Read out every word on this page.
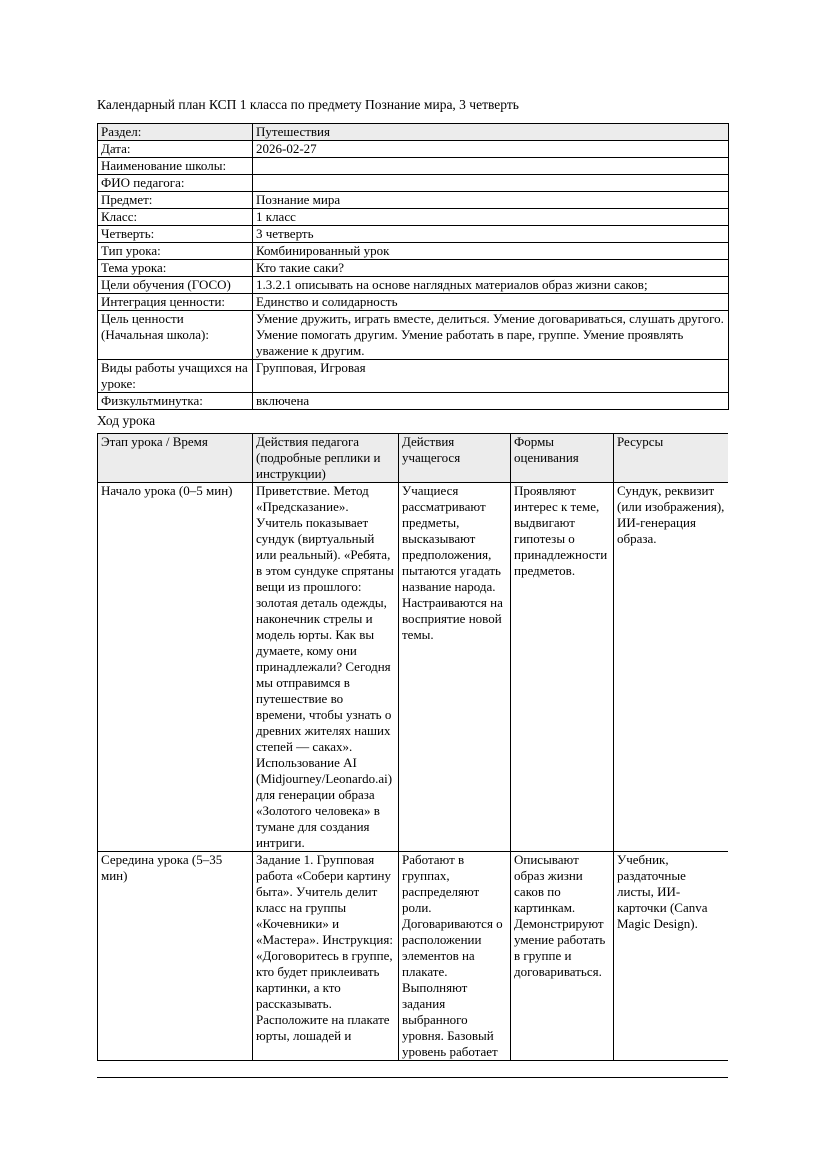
Календарный план КСП 1 класса по предмету Познание мира, 3 четверть

Раздел:	Путешествия
Дата:	2026-02-27
Наименование школы:	
ФИО педагога:	
Предмет:	Познание мира
Класс:	1 класс
Четверть:	3 четверть
Тип урока:	Комбинированный урок
Тема урока:	Кто такие саки?
Цели обучения (ГОСО)	1.3.2.1 описывать на основе наглядных материалов образ жизни саков;
Интеграция ценности:	Единство и солидарность
Цель ценности (Начальная школа):	Умение дружить, играть вместе, делиться. Умение договариваться, слушать другого. Умение помогать другим. Умение работать в паре, группе. Умение проявлять уважение к другим.
Виды работы учащихся на уроке:	Групповая, Игровая
Физкультминутка:	включена

Ход урока

Этап урока / Время	Действия педагога (подробные реплики и инструкции)	Действия учащегося	Формы оценивания	Ресурсы
Начало урока (0–5 мин)	Приветствие. Метод «Предсказание». Учитель показывает сундук (виртуальный или реальный). «Ребята, в этом сундуке спрятаны вещи из прошлого: золотая деталь одежды, наконечник стрелы и модель юрты. Как вы думаете, кому они принадлежали? Сегодня мы отправимся в путешествие во времени, чтобы узнать о древних жителях наших степей — саках». Использование AI (Midjourney/Leonardo.ai) для генерации образа «Золотого человека» в тумане для создания интриги.	Учащиеся рассматривают предметы, высказывают предположения, пытаются угадать название народа. Настраиваются на восприятие новой темы.	Проявляют интерес к теме, выдвигают гипотезы о принадлежности предметов.	Сундук, реквизит (или изображения), ИИ-генерация образа.
Середина урока (5–35 мин)	Задание 1. Групповая работа «Собери картину быта». Учитель делит класс на группы «Кочевники» и «Мастера». Инструкция: «Договоритесь в группе, кто будет приклеивать картинки, а кто рассказывать. Расположите на плакате юрты, лошадей и	Работают в группах, распределяют роли. Договариваются о расположении элементов на плакате. Выполняют задания выбранного уровня. Базовый уровень работает	Описывают образ жизни саков по картинкам. Демонстрируют умение работать в группе и договариваться.	Учебник, раздаточные листы, ИИ-карточки (Canva Magic Design).
